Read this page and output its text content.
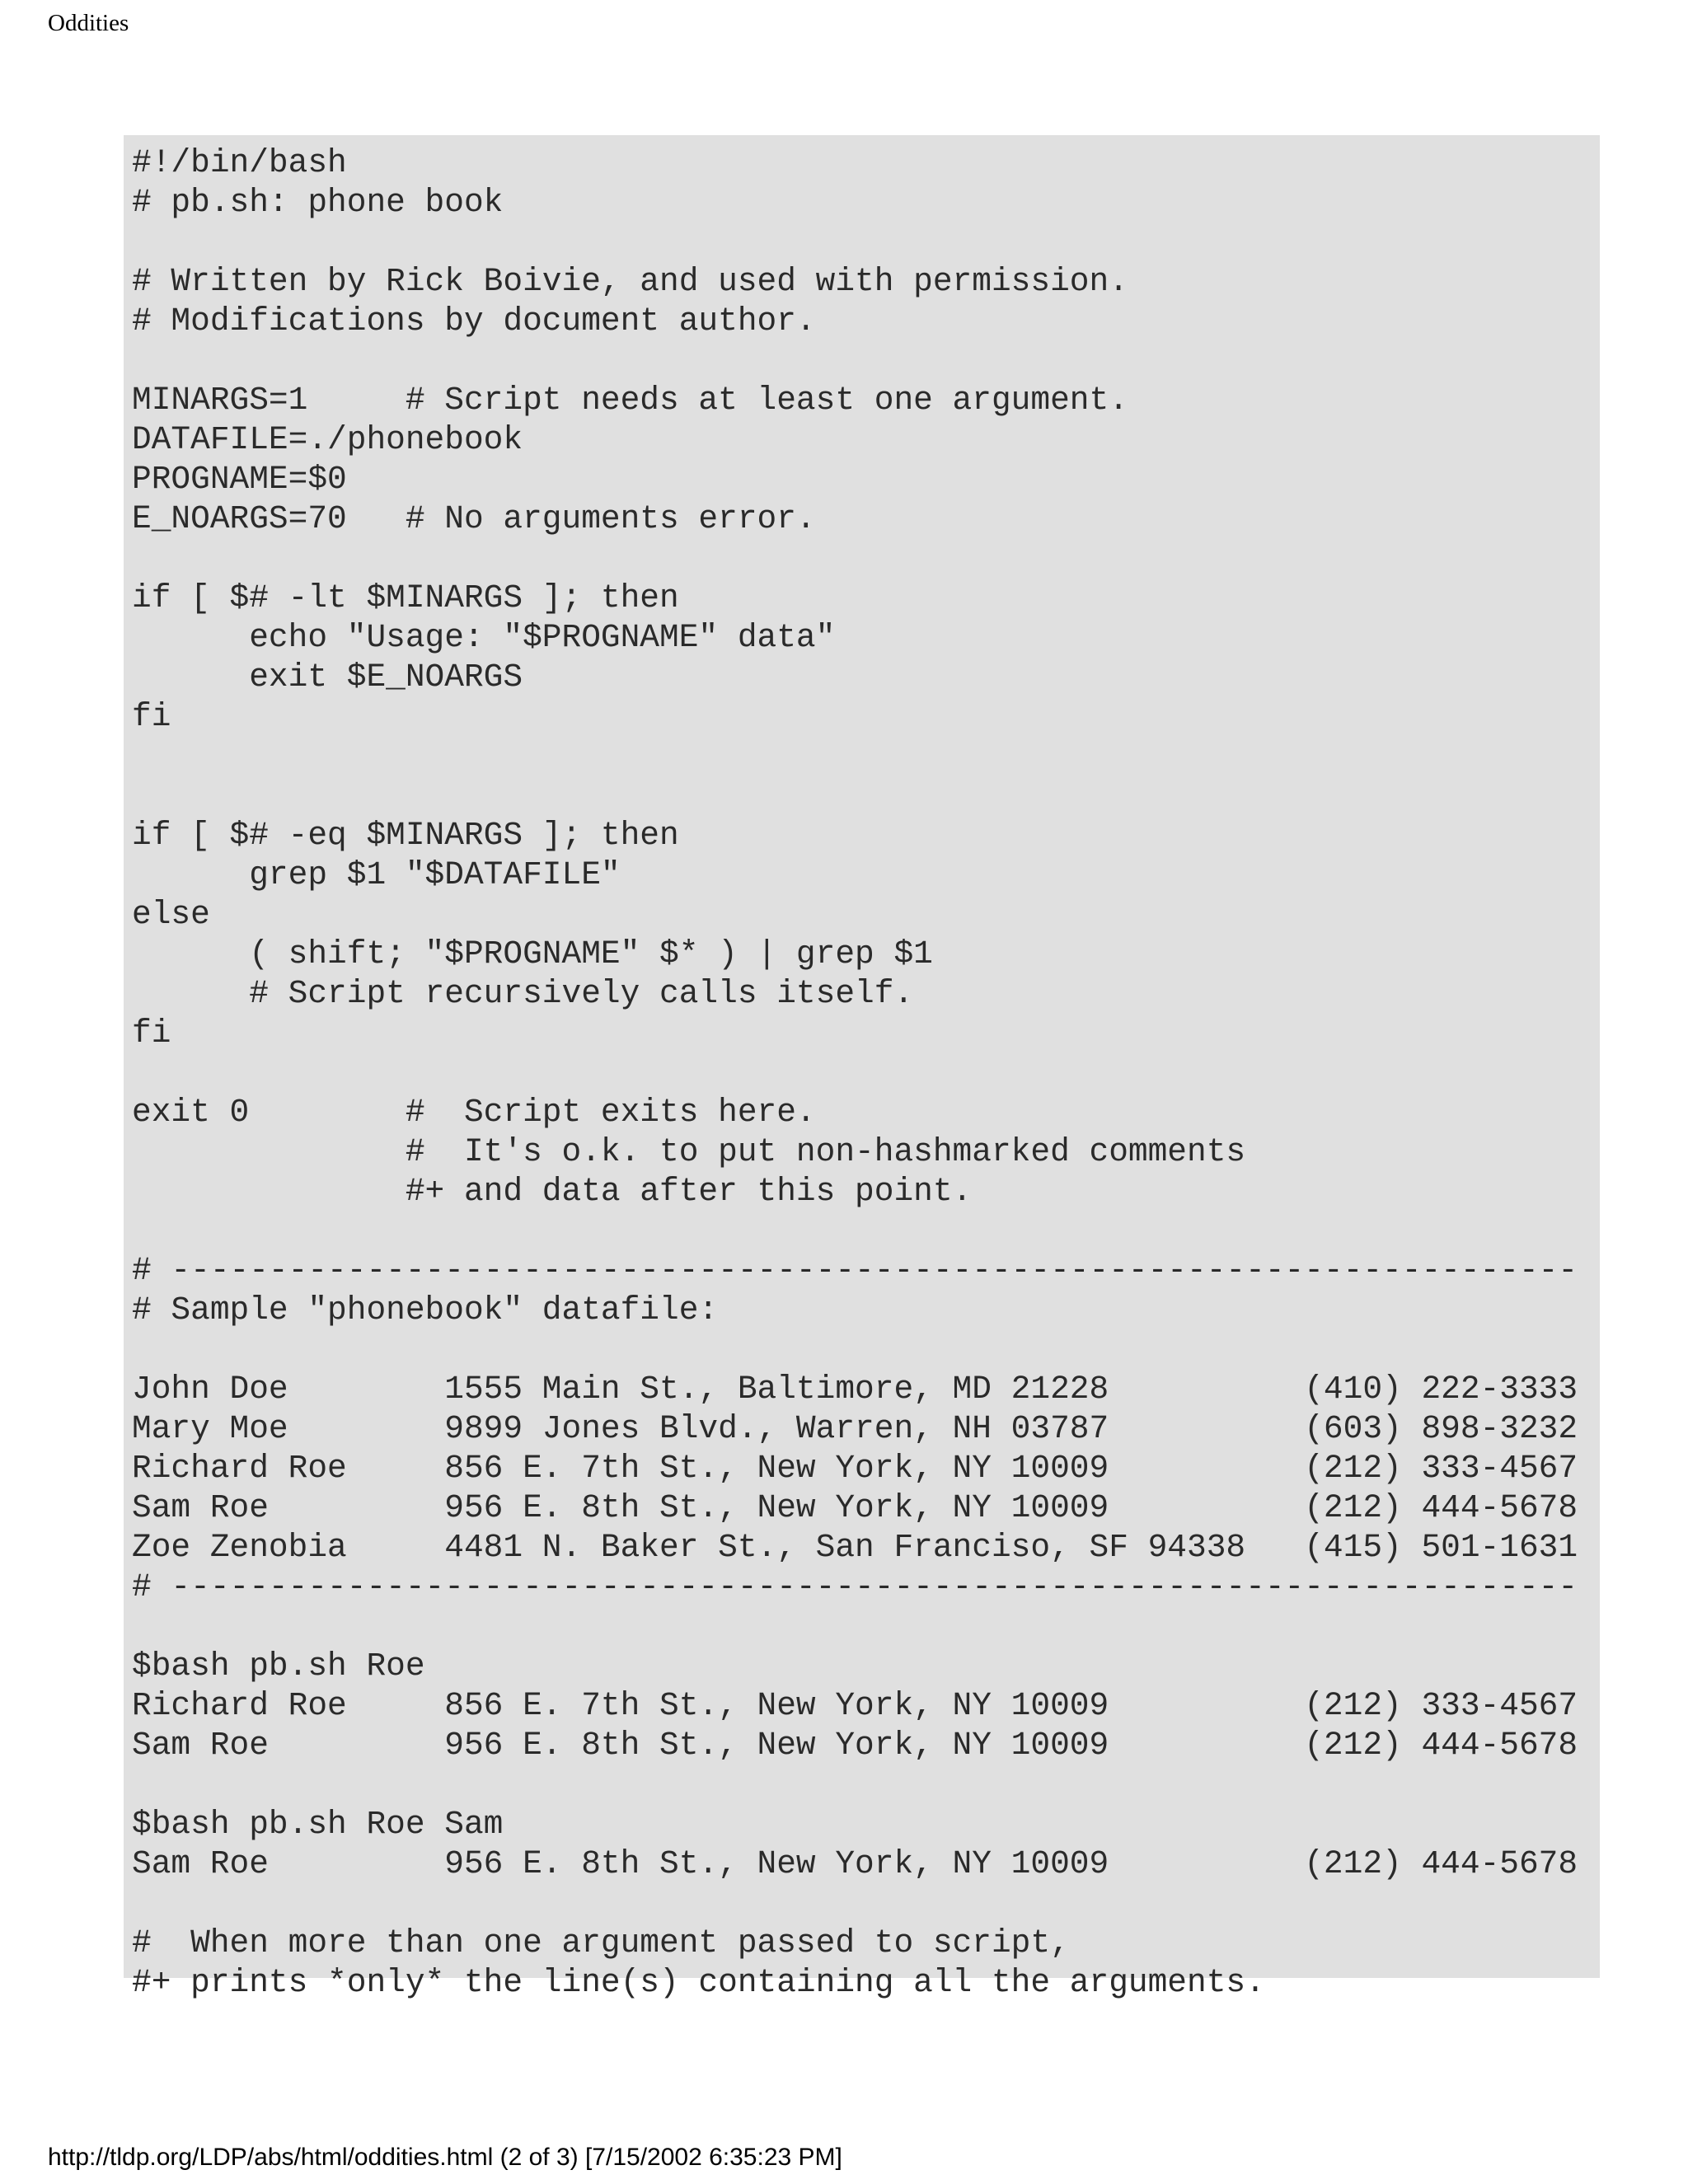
Oddities
#!/bin/bash
# pb.sh: phone book
# Written by Rick Boivie, and used with permission.
# Modifications by document author.
MINARGS=1     # Script needs at least one argument.
DATAFILE=./phonebook
PROGNAME=$0
E_NOARGS=70   # No arguments error.
if [ $# -lt $MINARGS ]; then
echo "Usage: "$PROGNAME" data"
exit $E_NOARGS
fi
if [ $# -eq $MINARGS ]; then
grep $1 "$DATAFILE"
else
( shift; "$PROGNAME" $* ) | grep $1
# Script recursively calls itself.
fi
exit 0        #  Script exits here.
#  It's o.k. to put non-hashmarked comments
#+ and data after this point.
# ------------------------------------------------------------------------
# Sample "phonebook" datafile:
John Doe        1555 Main St., Baltimore, MD 21228          (410) 222-3333
Mary Moe        9899 Jones Blvd., Warren, NH 03787          (603) 898-3232
Richard Roe     856 E. 7th St., New York, NY 10009          (212) 333-4567
Sam Roe         956 E. 8th St., New York, NY 10009          (212) 444-5678
Zoe Zenobia     4481 N. Baker St., San Franciso, SF 94338   (415) 501-1631
# ------------------------------------------------------------------------
$bash pb.sh Roe
Richard Roe     856 E. 7th St., New York, NY 10009          (212) 333-4567
Sam Roe         956 E. 8th St., New York, NY 10009          (212) 444-5678
$bash pb.sh Roe Sam
Sam Roe         956 E. 8th St., New York, NY 10009          (212) 444-5678
#  When more than one argument passed to script,
#+ prints *only* the line(s) containing all the arguments.
http://tldp.org/LDP/abs/html/oddities.html (2 of 3) [7/15/2002 6:35:23 PM]
